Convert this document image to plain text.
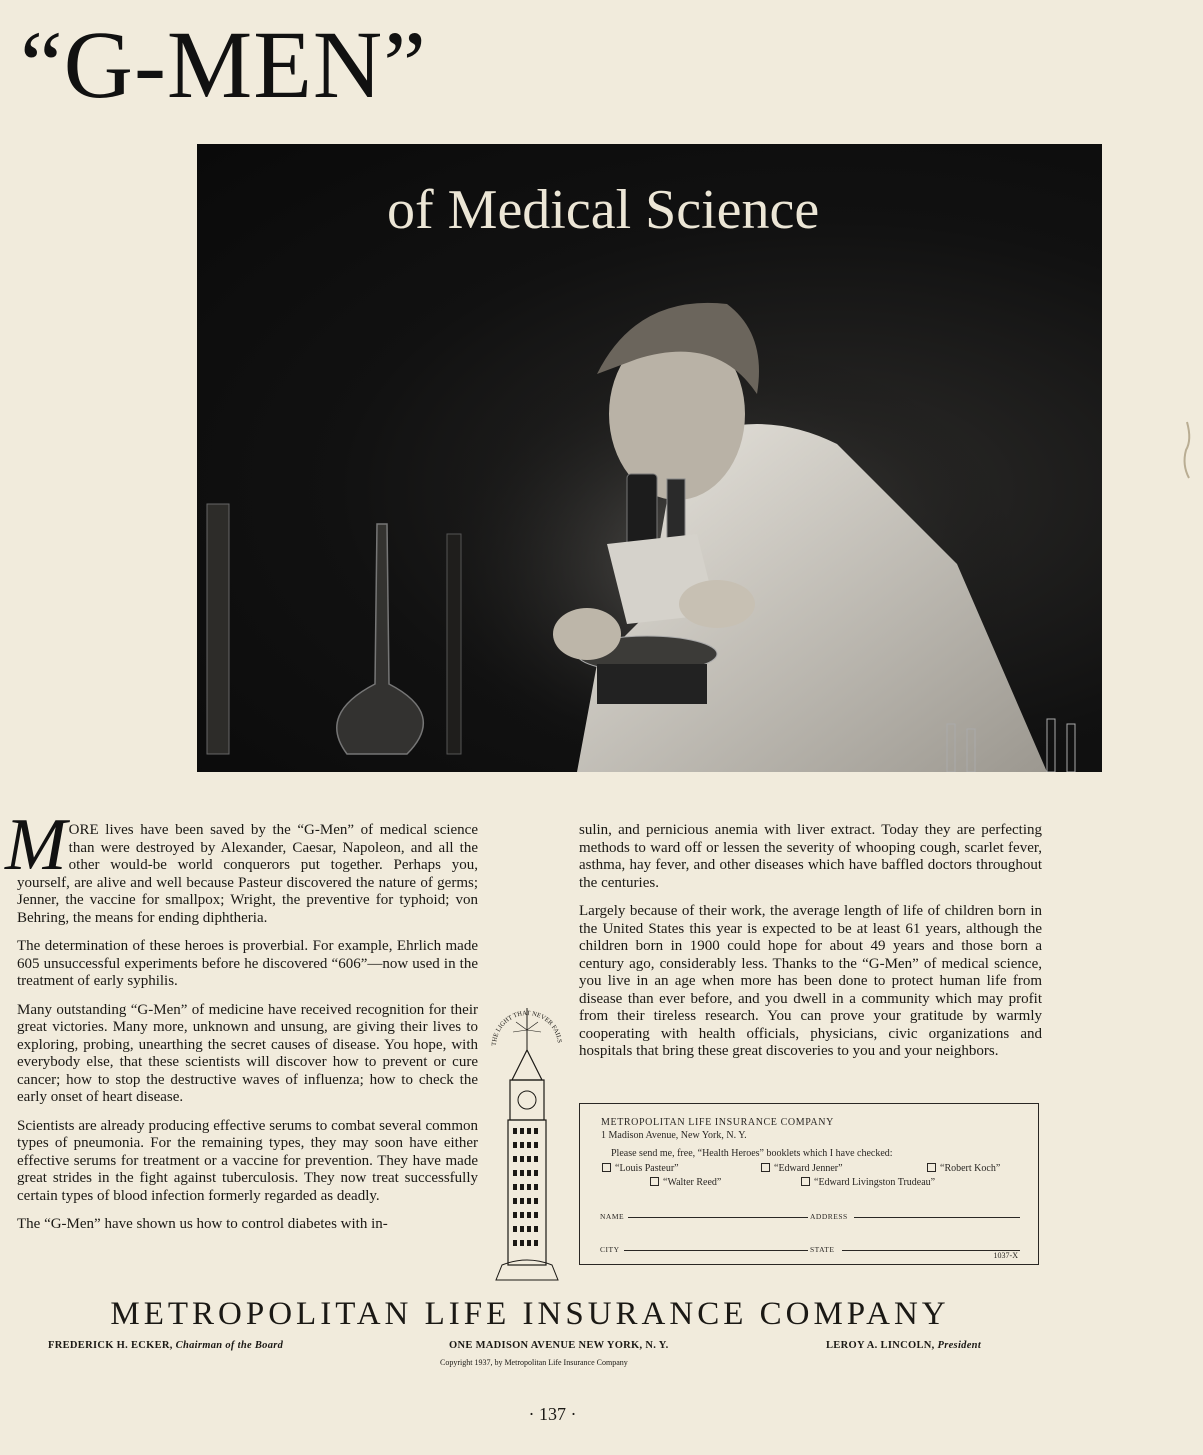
“G-MEN”
of Medical Science

MORE lives have been saved by the “G-Men” of medical science than were destroyed by Alexander, Caesar, Napoleon, and all the other would-be world conquerors put together. Perhaps you, yourself, are alive and well because Pasteur discovered the nature of germs; Jenner, the vaccine for smallpox; Wright, the preventive for typhoid; von Behring, the means for ending diphtheria.

The determination of these heroes is proverbial. For example, Ehrlich made 605 unsuccessful experiments before he discovered “606”—now used in the treatment of early syphilis.

Many outstanding “G-Men” of medicine have received recognition for their great victories. Many more, unknown and unsung, are giving their lives to exploring, probing, unearthing the secret causes of disease. You hope, with everybody else, that these scientists will discover how to prevent or cure cancer; how to stop the destructive waves of influenza; how to check the early onset of heart disease.

Scientists are already producing effective serums to combat several common types of pneumonia. For the remaining types, they may soon have either effective serums for treatment or a vaccine for prevention. They have made great strides in the fight against tuberculosis. They now treat successfully certain types of blood infection formerly regarded as deadly.

The “G-Men” have shown us how to control diabetes with in-

sulin, and pernicious anemia with liver extract. Today they are perfecting methods to ward off or lessen the severity of whooping cough, scarlet fever, asthma, hay fever, and other diseases which have baffled doctors throughout the centuries.

Largely because of their work, the average length of life of children born in the United States this year is expected to be at least 61 years, although the children born in 1900 could hope for about 49 years and those born a century ago, considerably less. Thanks to the “G-Men” of medical science, you live in an age when more has been done to protect human life from disease than ever before, and you dwell in a community which may profit from their tireless research. You can prove your gratitude by warmly cooperating with health officials, physicians, civic organizations and hospitals that bring these great discoveries to you and your neighbors.

THE LIGHT THAT NEVER FAILS
METROPOLITAN LIFE INSURANCE COMPANY
1 Madison Avenue, New York, N. Y.
Please send me, free, “Health Heroes” booklets which I have checked:
“Louis Pasteur”	“Edward Jenner”	“Robert Koch”
“Walter Reed”	“Edward Livingston Trudeau”
NAME	ADDRESS
CITY	STATE
1037-X
METROPOLITAN LIFE INSURANCE COMPANY
FREDERICK H. ECKER, Chairman of the Board	ONE MADISON AVENUE NEW YORK, N. Y.	LEROY A. LINCOLN, President
Copyright 1937, by Metropolitan Life Insurance Company
· 137 ·
